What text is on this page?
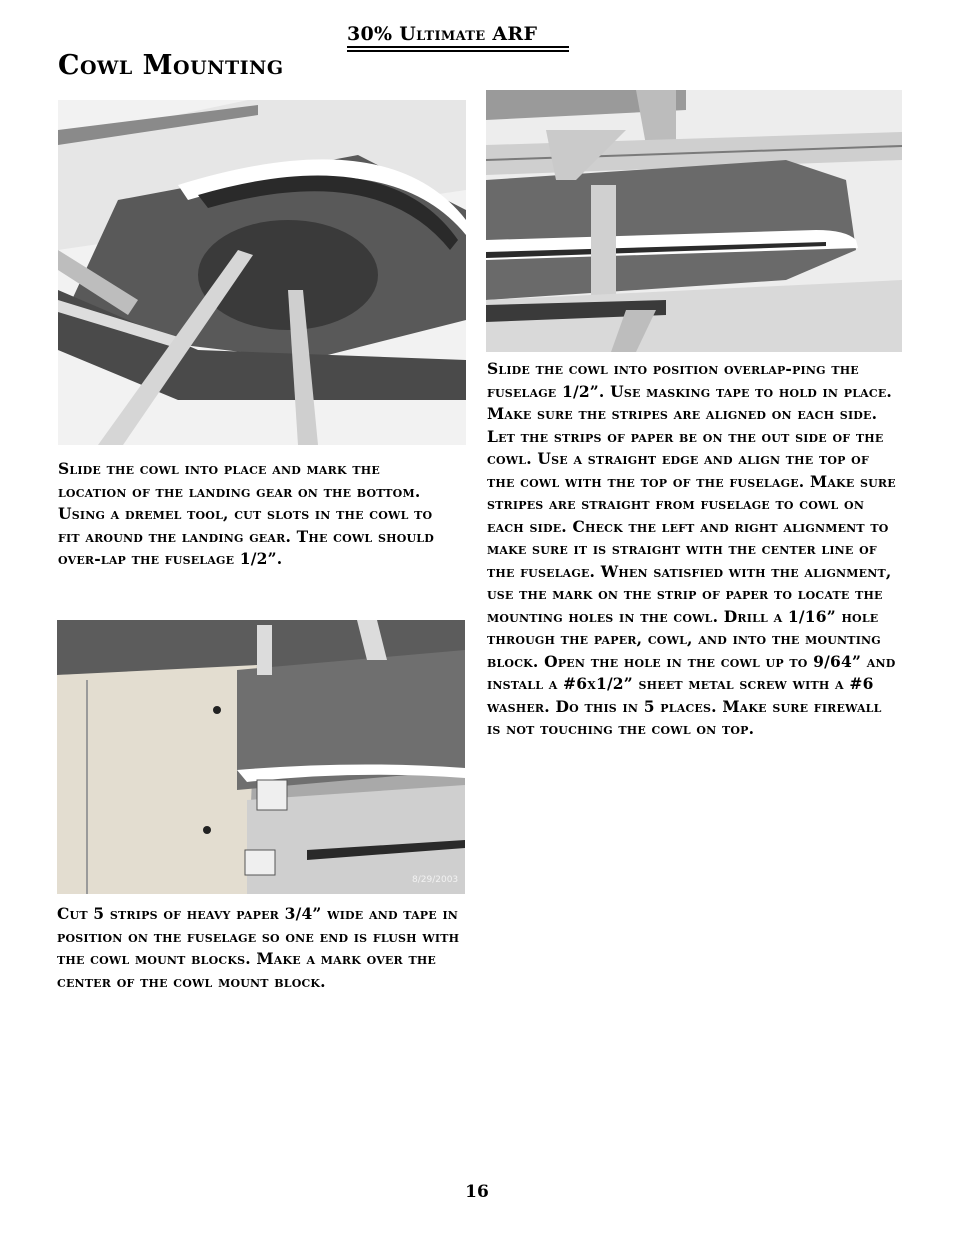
30% Ultimate ARF
Cowl Mounting
8/29/2003
Slide the cowl into place and mark the location of the landing gear on the bottom. Using a dremel tool, cut slots in the cowl to fit around the landing gear. The cowl should over-lap the fuselage 1/2”.
Cut 5 strips of heavy paper 3/4” wide and tape in position on the fuselage so one end is flush with the cowl mount blocks. Make a mark over the center of the cowl mount block.
Slide the cowl into position overlap-ping the fuselage 1/2”. Use masking tape to hold in place. Make sure the stripes are aligned on each side. Let the strips of paper be on the out side of the cowl. Use a straight edge and align the top of the cowl with the top of the fuselage. Make sure stripes are straight from fuselage to cowl on each side. Check the left and right alignment to make sure it is straight with the center line of the fuselage. When satisfied with the alignment, use the mark on the strip of paper to locate the mounting holes in the cowl. Drill a 1/16” hole through the paper, cowl, and into the mounting block. Open the hole in the cowl up to 9/64” and install a #6x1/2” sheet metal screw with a #6 washer. Do this in 5 places. Make sure firewall is not touching the cowl on top.
16
